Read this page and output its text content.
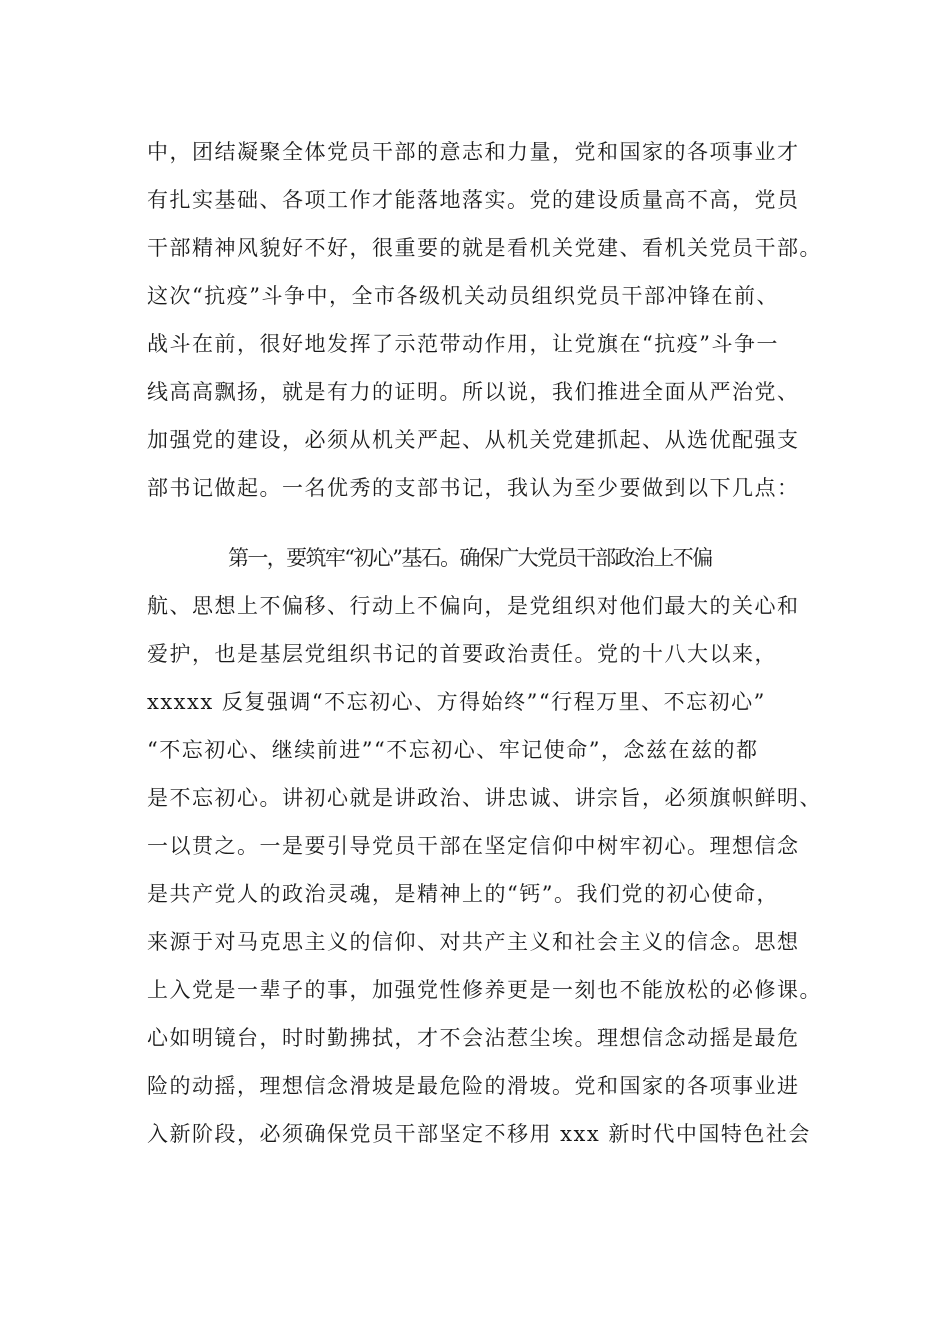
中，团结凝聚全体党员干部的意志和力量，党和国家的各项事业才
有扎实基础、各项工作才能落地落实。党的建设质量高不高，党员
干部精神风貌好不好，很重要的就是看机关党建、看机关党员干部。
这次“抗疫”斗争中，全市各级机关动员组织党员干部冲锋在前、
战斗在前，很好地发挥了示范带动作用，让党旗在“抗疫”斗争一
线高高飘扬，就是有力的证明。所以说，我们推进全面从严治党、
加强党的建设，必须从机关严起、从机关党建抓起、从选优配强支
部书记做起。一名优秀的支部书记，我认为至少要做到以下几点：
第一，要筑牢“初心”基石。确保广大党员干部政治上不偏
航、思想上不偏移、行动上不偏向，是党组织对他们最大的关心和
爱护，也是基层党组织书记的首要政治责任。党的十八大以来，
xxxxx 反复强调“不忘初心、方得始终”“行程万里、不忘初心”
“不忘初心、继续前进”“不忘初心、牢记使命”，念兹在兹的都
是不忘初心。讲初心就是讲政治、讲忠诚、讲宗旨，必须旗帜鲜明、
一以贯之。一是要引导党员干部在坚定信仰中树牢初心。理想信念
是共产党人的政治灵魂，是精神上的“钙”。我们党的初心使命，
来源于对马克思主义的信仰、对共产主义和社会主义的信念。思想
上入党是一辈子的事，加强党性修养更是一刻也不能放松的必修课。
心如明镜台，时时勤拂拭，才不会沾惹尘埃。理想信念动摇是最危
险的动摇，理想信念滑坡是最危险的滑坡。党和国家的各项事业进
入新阶段，必须确保党员干部坚定不移用 xxx 新时代中国特色社会
